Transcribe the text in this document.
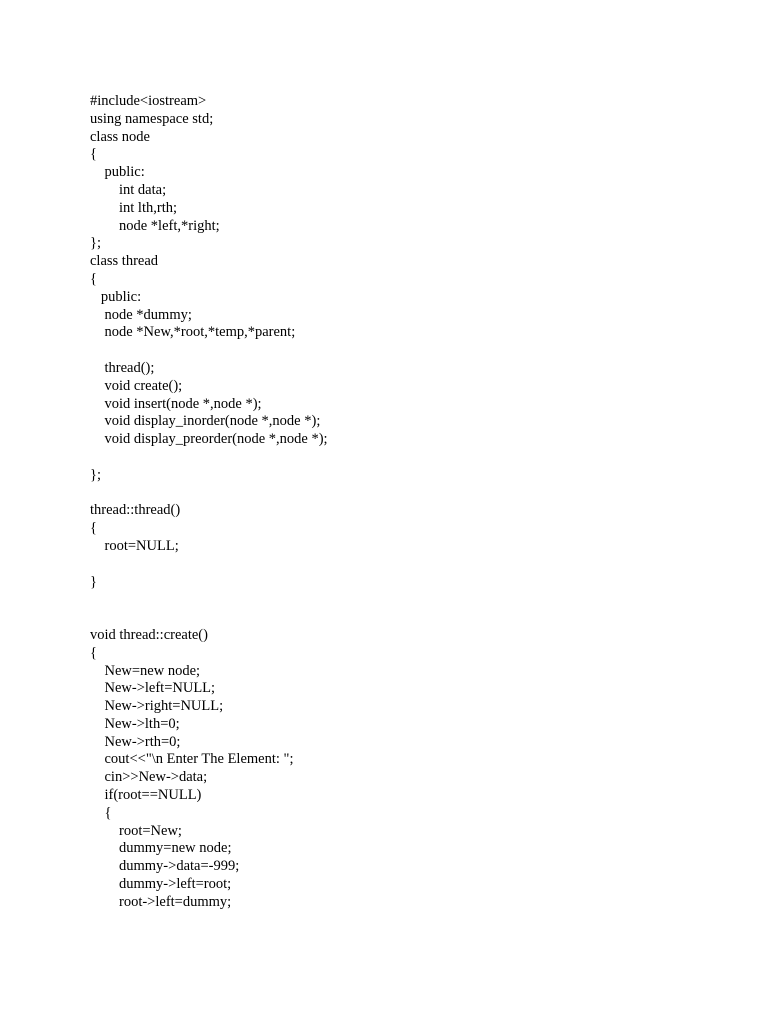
#include<iostream>
using namespace std;
class node
{
public:
int data;
int lth,rth;
node *left,*right;
};
class thread
{
public:
node *dummy;
node *New,*root,*temp,*parent;
thread();
void create();
void insert(node *,node *);
void display_inorder(node *,node *);
void display_preorder(node *,node *);
};
thread::thread()
{
root=NULL;
}
void thread::create()
{
New=new node;
New->left=NULL;
New->right=NULL;
New->lth=0;
New->rth=0;
cout<<"\n Enter The Element: ";
cin>>New->data;
if(root==NULL)
{
root=New;
dummy=new node;
dummy->data=-999;
dummy->left=root;
root->left=dummy;
